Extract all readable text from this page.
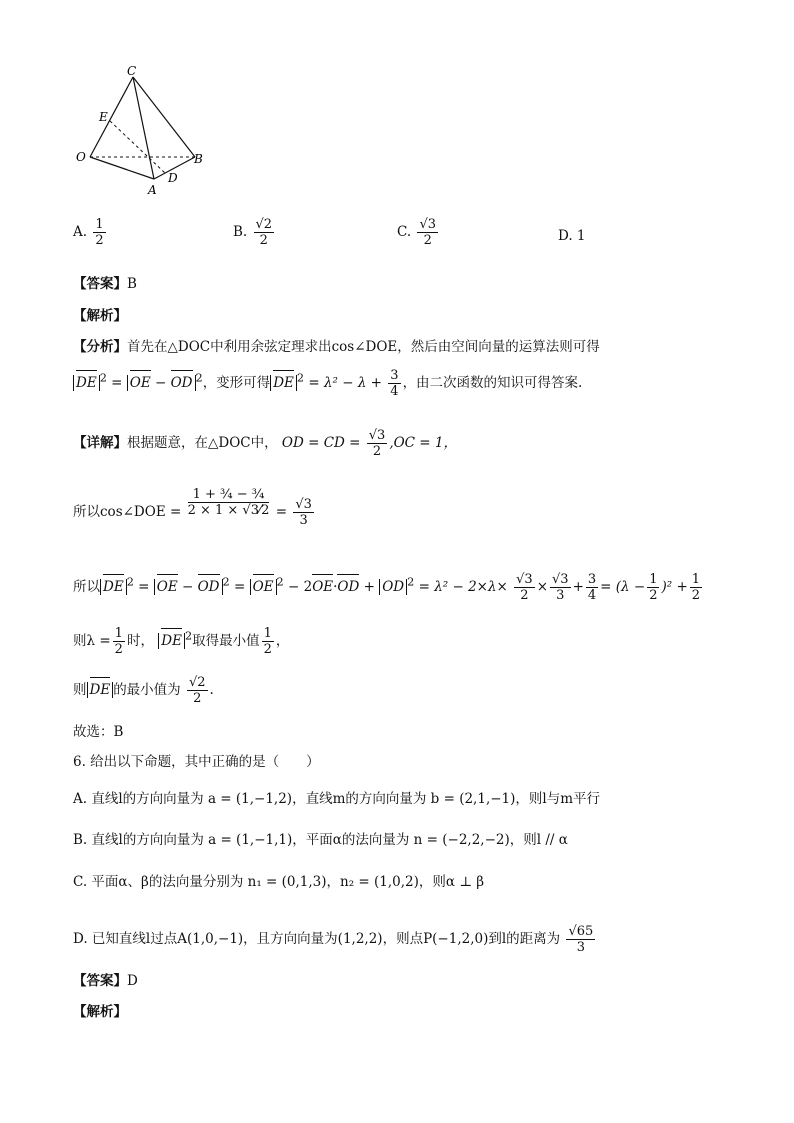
C
E
O	B
D
A
A. $\frac{1}{2}$	B. $\frac{√2}{2}$	C. $\frac{√3}{2}$	D. 1
【答案】B
【解析】
【分析】首先在△DOC中利用余弦定理求出cos∠DOE，然后由空间向量的运算法则可得
DE $^2$ = OE − OD $^2$，变形可得 DE $^2 = \lambda^2 - \lambda + \frac{3}{4}$ ，由二次函数的知识可得答案.
【详解】根据题意，在△DOC中， OD = CD = $\frac{√3}{2} ,OC = 1$，
所以cos∠DOE = $\frac{\text{1 + ¾ − ¾}}{2 \times 1 \times √3⁄2} = \frac{√3}{3}$
所以 DE $^2$ = OE − OD $^2$ = OE $^2$ − 2OE·OD + OD $^2 = \lambda^2 - 2\times\lambda\times \frac{√3}{2} \times \frac{√3}{3} + \frac{3}{4} = (\lambda - \frac{1}{2} )^2 + \frac{1}{2}$
则$\lambda = \frac{1}{2}$ 时， DE $^2$取得最小值 $\frac{1}{2}$ ，
则 DE 的最小值为 $\frac{√2}{2}$ .
故选：B
6. 给出以下命题，其中正确的是（　　）
A. 直线l的方向向量为 a = (1,−1,2)，直线m的方向向量为 b = (2,1,−1)，则l与m平行
B. 直线l的方向向量为 a = (1,−1,1)，平面α的法向量为 n = (−2,2,−2)，则l // α
C. 平面α、β的法向量分别为 n₁ = (0,1,3)，n₂ = (1,0,2)，则α ⊥ β
D. 已知直线l过点A(1,0,−1)，且方向向量为(1,2,2)，则点P(−1,2,0)到l的距离为 $\frac{√65}{3}$
【答案】D
【解析】
